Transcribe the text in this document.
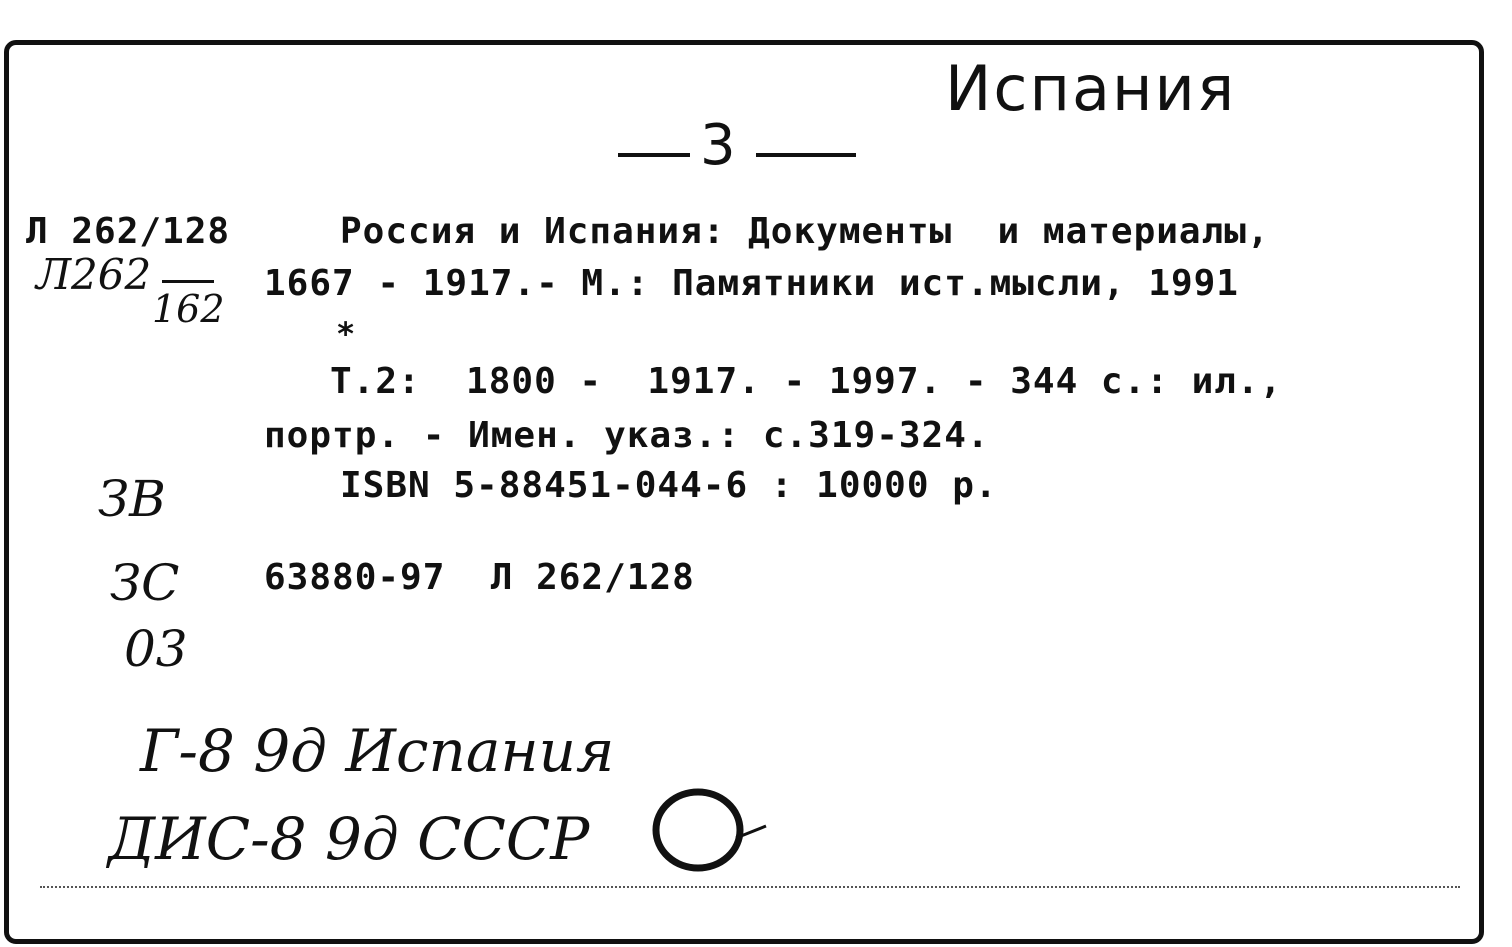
Испания
3
Л 262/128	Россия и Испания: Документы  и материалы,
Л262
162
1667 - 1917.- М.: Памятники ист.мысли, 1991
*
Т.2:  1800 -  1917. - 1997. - 344 с.: ил.,
портр. - Имен. указ.: с.319-324.
ISBN 5-88451-044-6 : 10000 р.
63880-97  Л 262/128
ЗВ
ЗС
03
Г-8 9д Испания
ДИС-8 9д СССР
